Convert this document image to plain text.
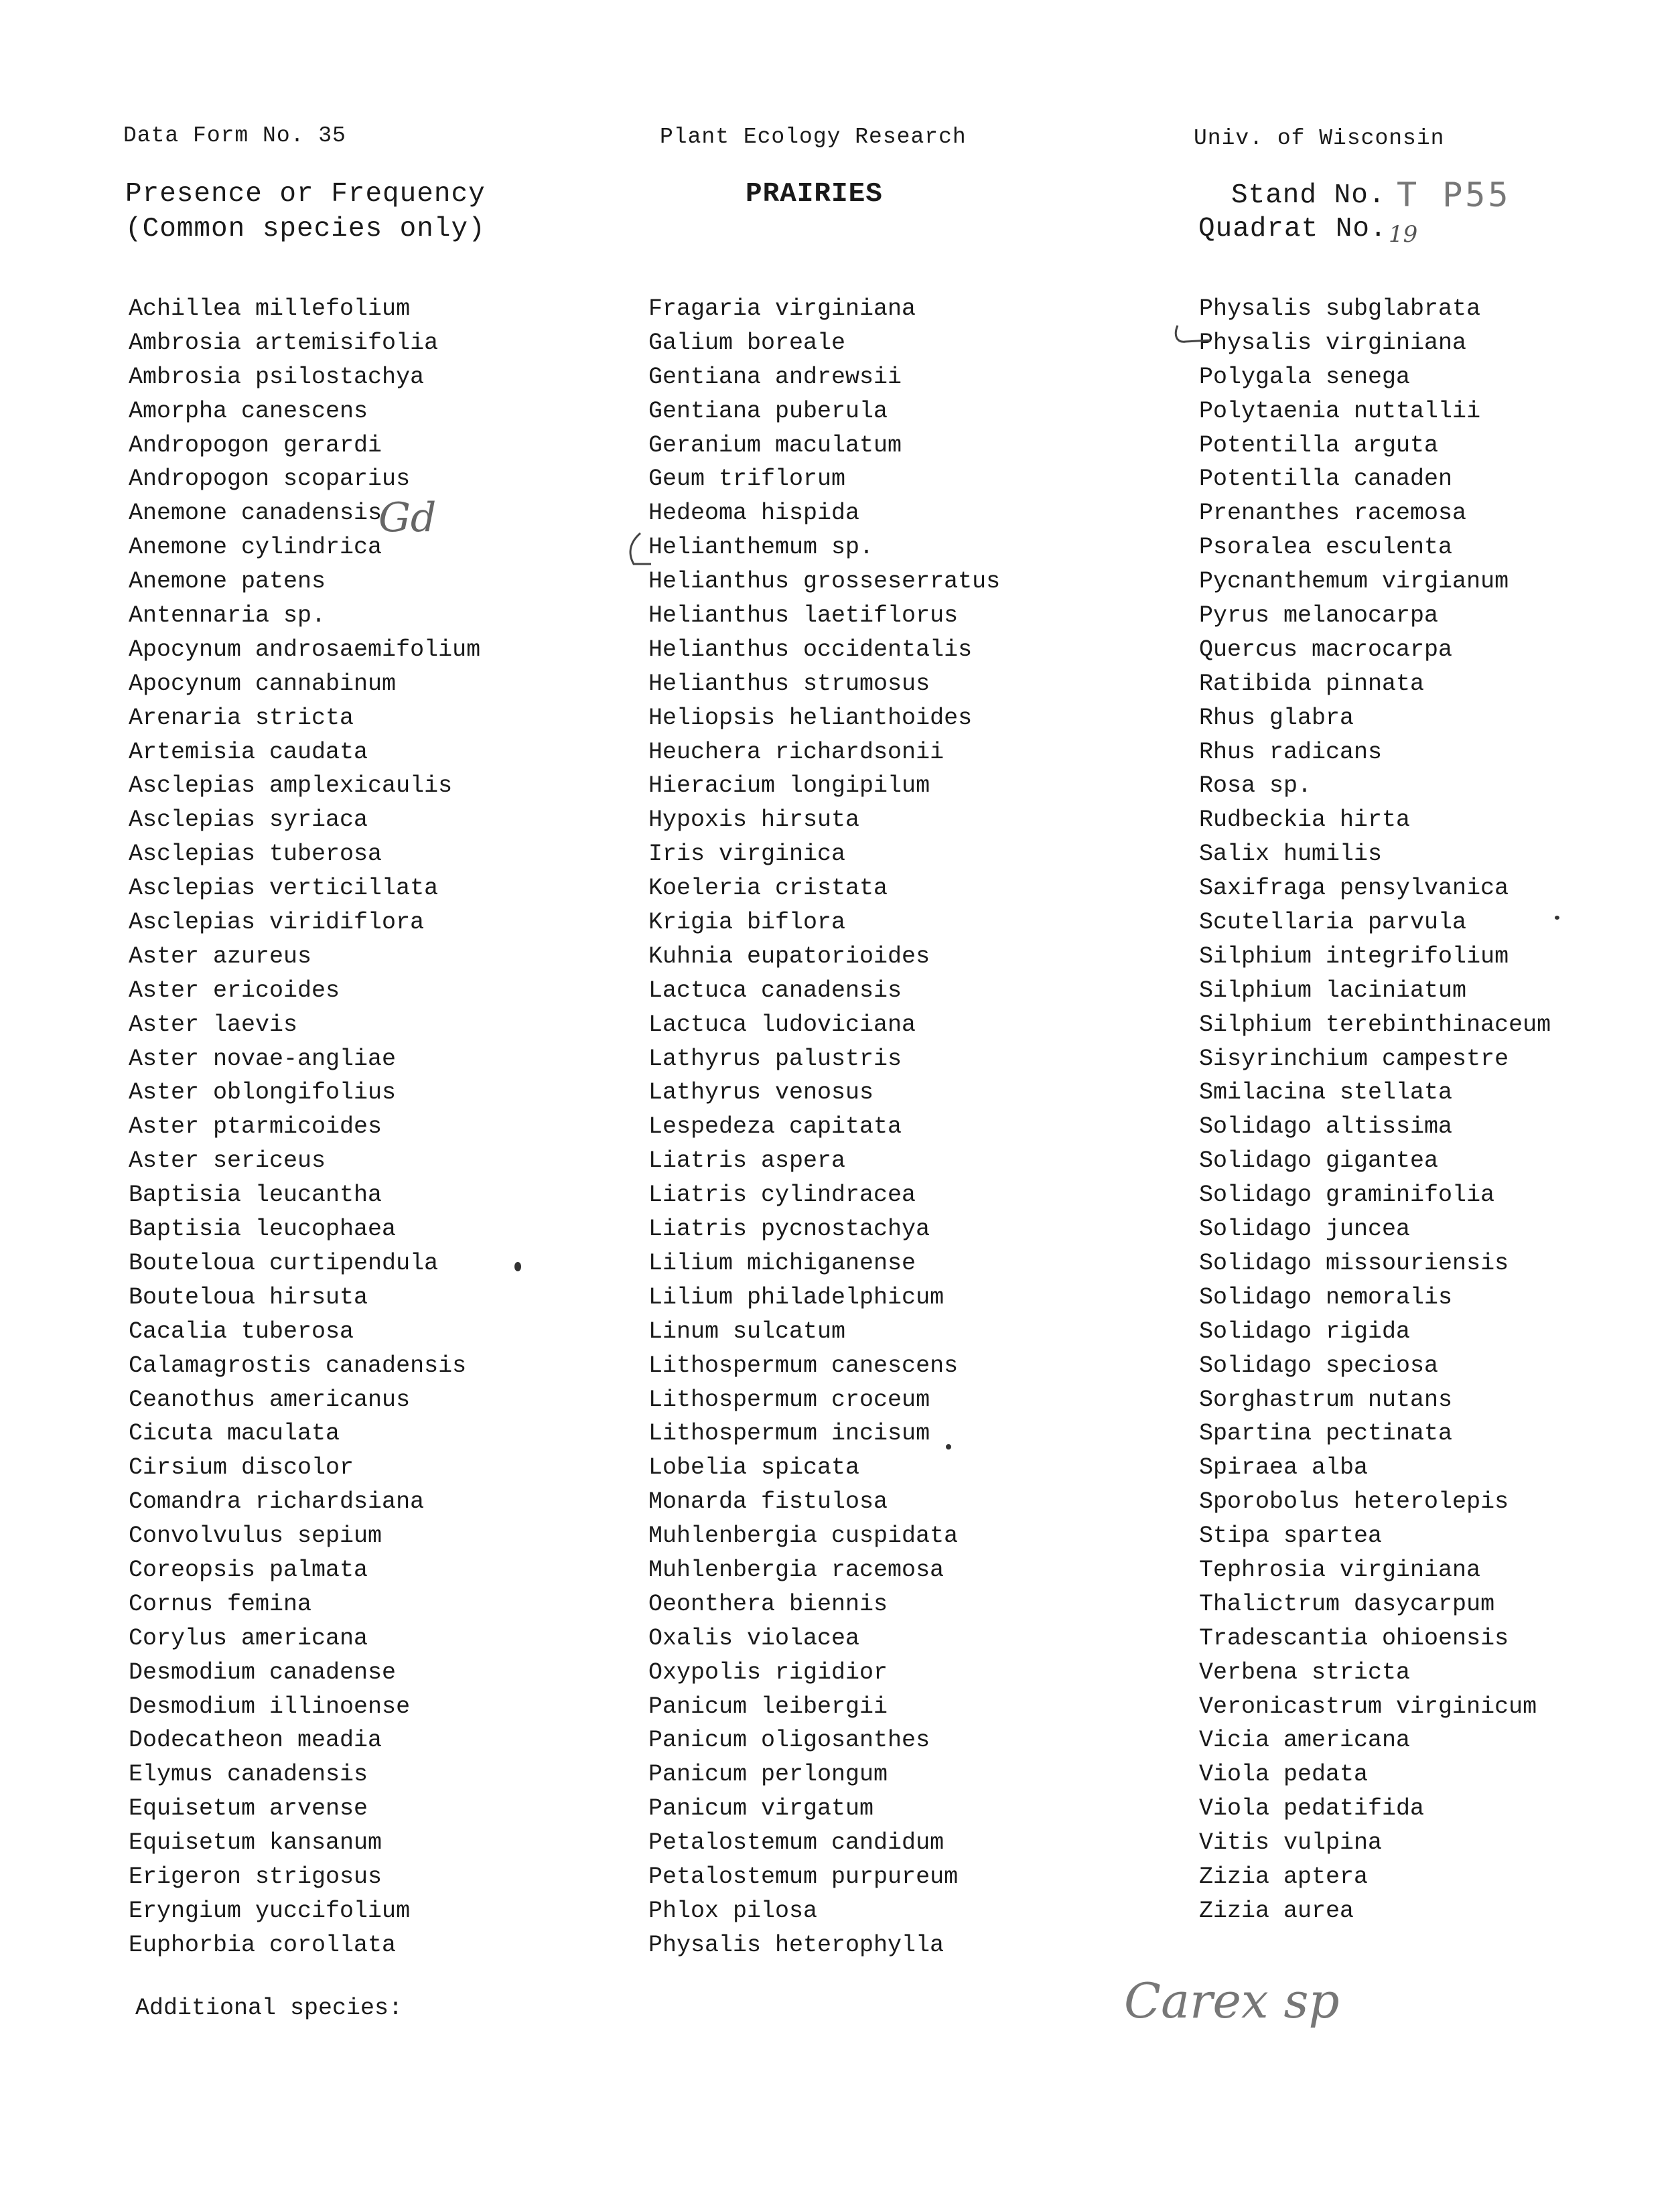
Data Form No. 35	Plant Ecology Research	Univ. of Wisconsin
Presence or Frequency
(Common species only)
PRAIRIES	Stand No.
Quadrat No.
T P55
19
Achillea millefolium
Ambrosia artemisifolia
Ambrosia psilostachya
Amorpha canescens
Andropogon gerardi
Andropogon scoparius
Anemone canadensis
Anemone cylindrica
Anemone patens
Antennaria sp.
Apocynum androsaemifolium
Apocynum cannabinum
Arenaria stricta
Artemisia caudata
Asclepias amplexicaulis
Asclepias syriaca
Asclepias tuberosa
Asclepias verticillata
Asclepias viridiflora
Aster azureus
Aster ericoides
Aster laevis
Aster novae-angliae
Aster oblongifolius
Aster ptarmicoides
Aster sericeus
Baptisia leucantha
Baptisia leucophaea
Bouteloua curtipendula
Bouteloua hirsuta
Cacalia tuberosa
Calamagrostis canadensis
Ceanothus americanus
Cicuta maculata
Cirsium discolor
Comandra richardsiana
Convolvulus sepium
Coreopsis palmata
Cornus femina
Corylus americana
Desmodium canadense
Desmodium illinoense
Dodecatheon meadia
Elymus canadensis
Equisetum arvense
Equisetum kansanum
Erigeron strigosus
Eryngium yuccifolium
Euphorbia corollata
Fragaria virginiana
Galium boreale
Gentiana andrewsii
Gentiana puberula
Geranium maculatum
Geum triflorum
Hedeoma hispida
Helianthemum sp.
Helianthus grosseserratus
Helianthus laetiflorus
Helianthus occidentalis
Helianthus strumosus
Heliopsis helianthoides
Heuchera richardsonii
Hieracium longipilum
Hypoxis hirsuta
Iris virginica
Koeleria cristata
Krigia biflora
Kuhnia eupatorioides
Lactuca canadensis
Lactuca ludoviciana
Lathyrus palustris
Lathyrus venosus
Lespedeza capitata
Liatris aspera
Liatris cylindracea
Liatris pycnostachya
Lilium michiganense
Lilium philadelphicum
Linum sulcatum
Lithospermum canescens
Lithospermum croceum
Lithospermum incisum
Lobelia spicata
Monarda fistulosa
Muhlenbergia cuspidata
Muhlenbergia racemosa
Oeonthera biennis
Oxalis violacea
Oxypolis rigidior
Panicum leibergii
Panicum oligosanthes
Panicum perlongum
Panicum virgatum
Petalostemum candidum
Petalostemum purpureum
Phlox pilosa
Physalis heterophylla
Physalis subglabrata
Physalis virginiana
Polygala senega
Polytaenia nuttallii
Potentilla arguta
Potentilla canaden
Prenanthes racemosa
Psoralea esculenta
Pycnanthemum virgianum
Pyrus melanocarpa
Quercus macrocarpa
Ratibida pinnata
Rhus glabra
Rhus radicans
Rosa sp.
Rudbeckia hirta
Salix humilis
Saxifraga pensylvanica
Scutellaria parvula
Silphium integrifolium
Silphium laciniatum
Silphium terebinthinaceum
Sisyrinchium campestre
Smilacina stellata
Solidago altissima
Solidago gigantea
Solidago graminifolia
Solidago juncea
Solidago missouriensis
Solidago nemoralis
Solidago rigida
Solidago speciosa
Sorghastrum nutans
Spartina pectinata
Spiraea alba
Sporobolus heterolepis
Stipa spartea
Tephrosia virginiana
Thalictrum dasycarpum
Tradescantia ohioensis
Verbena stricta
Veronicastrum virginicum
Vicia americana
Viola pedata
Viola pedatifida
Vitis vulpina
Zizia aptera
Zizia aurea
Additional species:
Gd
Carex sp
